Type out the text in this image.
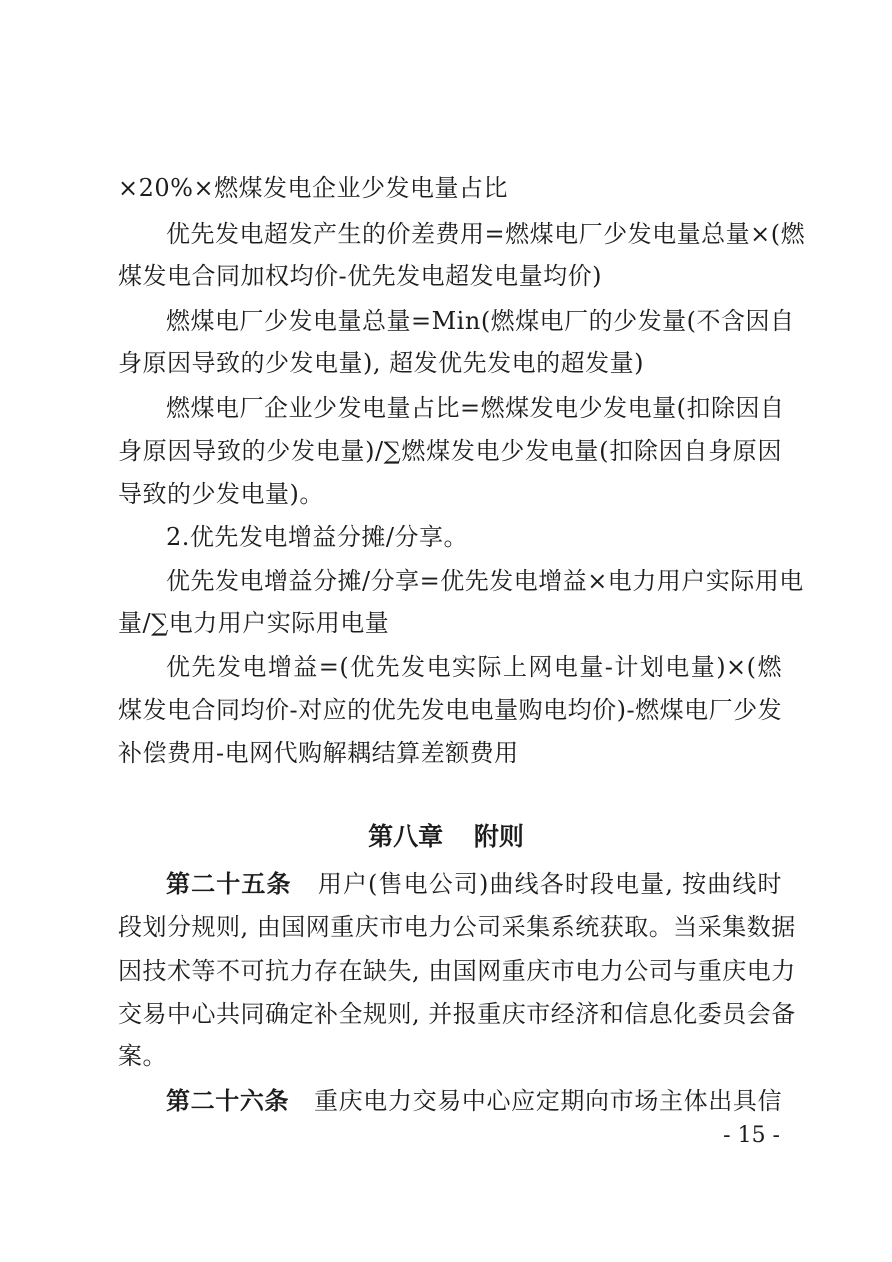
×20%×燃煤发电企业少发电量占比
优先发电超发产生的价差费用=燃煤电厂少发电量总量×(燃
煤发电合同加权均价-优先发电超发电量均价)
燃煤电厂少发电量总量=Min(燃煤电厂的少发量(不含因自
身原因导致的少发电量), 超发优先发电的超发量)
燃煤电厂企业少发电量占比=燃煤发电少发电量(扣除因自
身原因导致的少发电量)/∑燃煤发电少发电量(扣除因自身原因
导致的少发电量)。
2.优先发电增益分摊/分享。
优先发电增益分摊/分享=优先发电增益×电力用户实际用电
量/∑电力用户实际用电量
优先发电增益=(优先发电实际上网电量-计划电量)×(燃
煤发电合同均价-对应的优先发电电量购电均价)-燃煤电厂少发
补偿费用-电网代购解耦结算差额费用
第八章 附则
第二十五条 用户(售电公司)曲线各时段电量, 按曲线时
段划分规则, 由国网重庆市电力公司采集系统获取。当采集数据
因技术等不可抗力存在缺失, 由国网重庆市电力公司与重庆电力
交易中心共同确定补全规则, 并报重庆市经济和信息化委员会备
案。
第二十六条 重庆电力交易中心应定期向市场主体出具信
- 15 -
